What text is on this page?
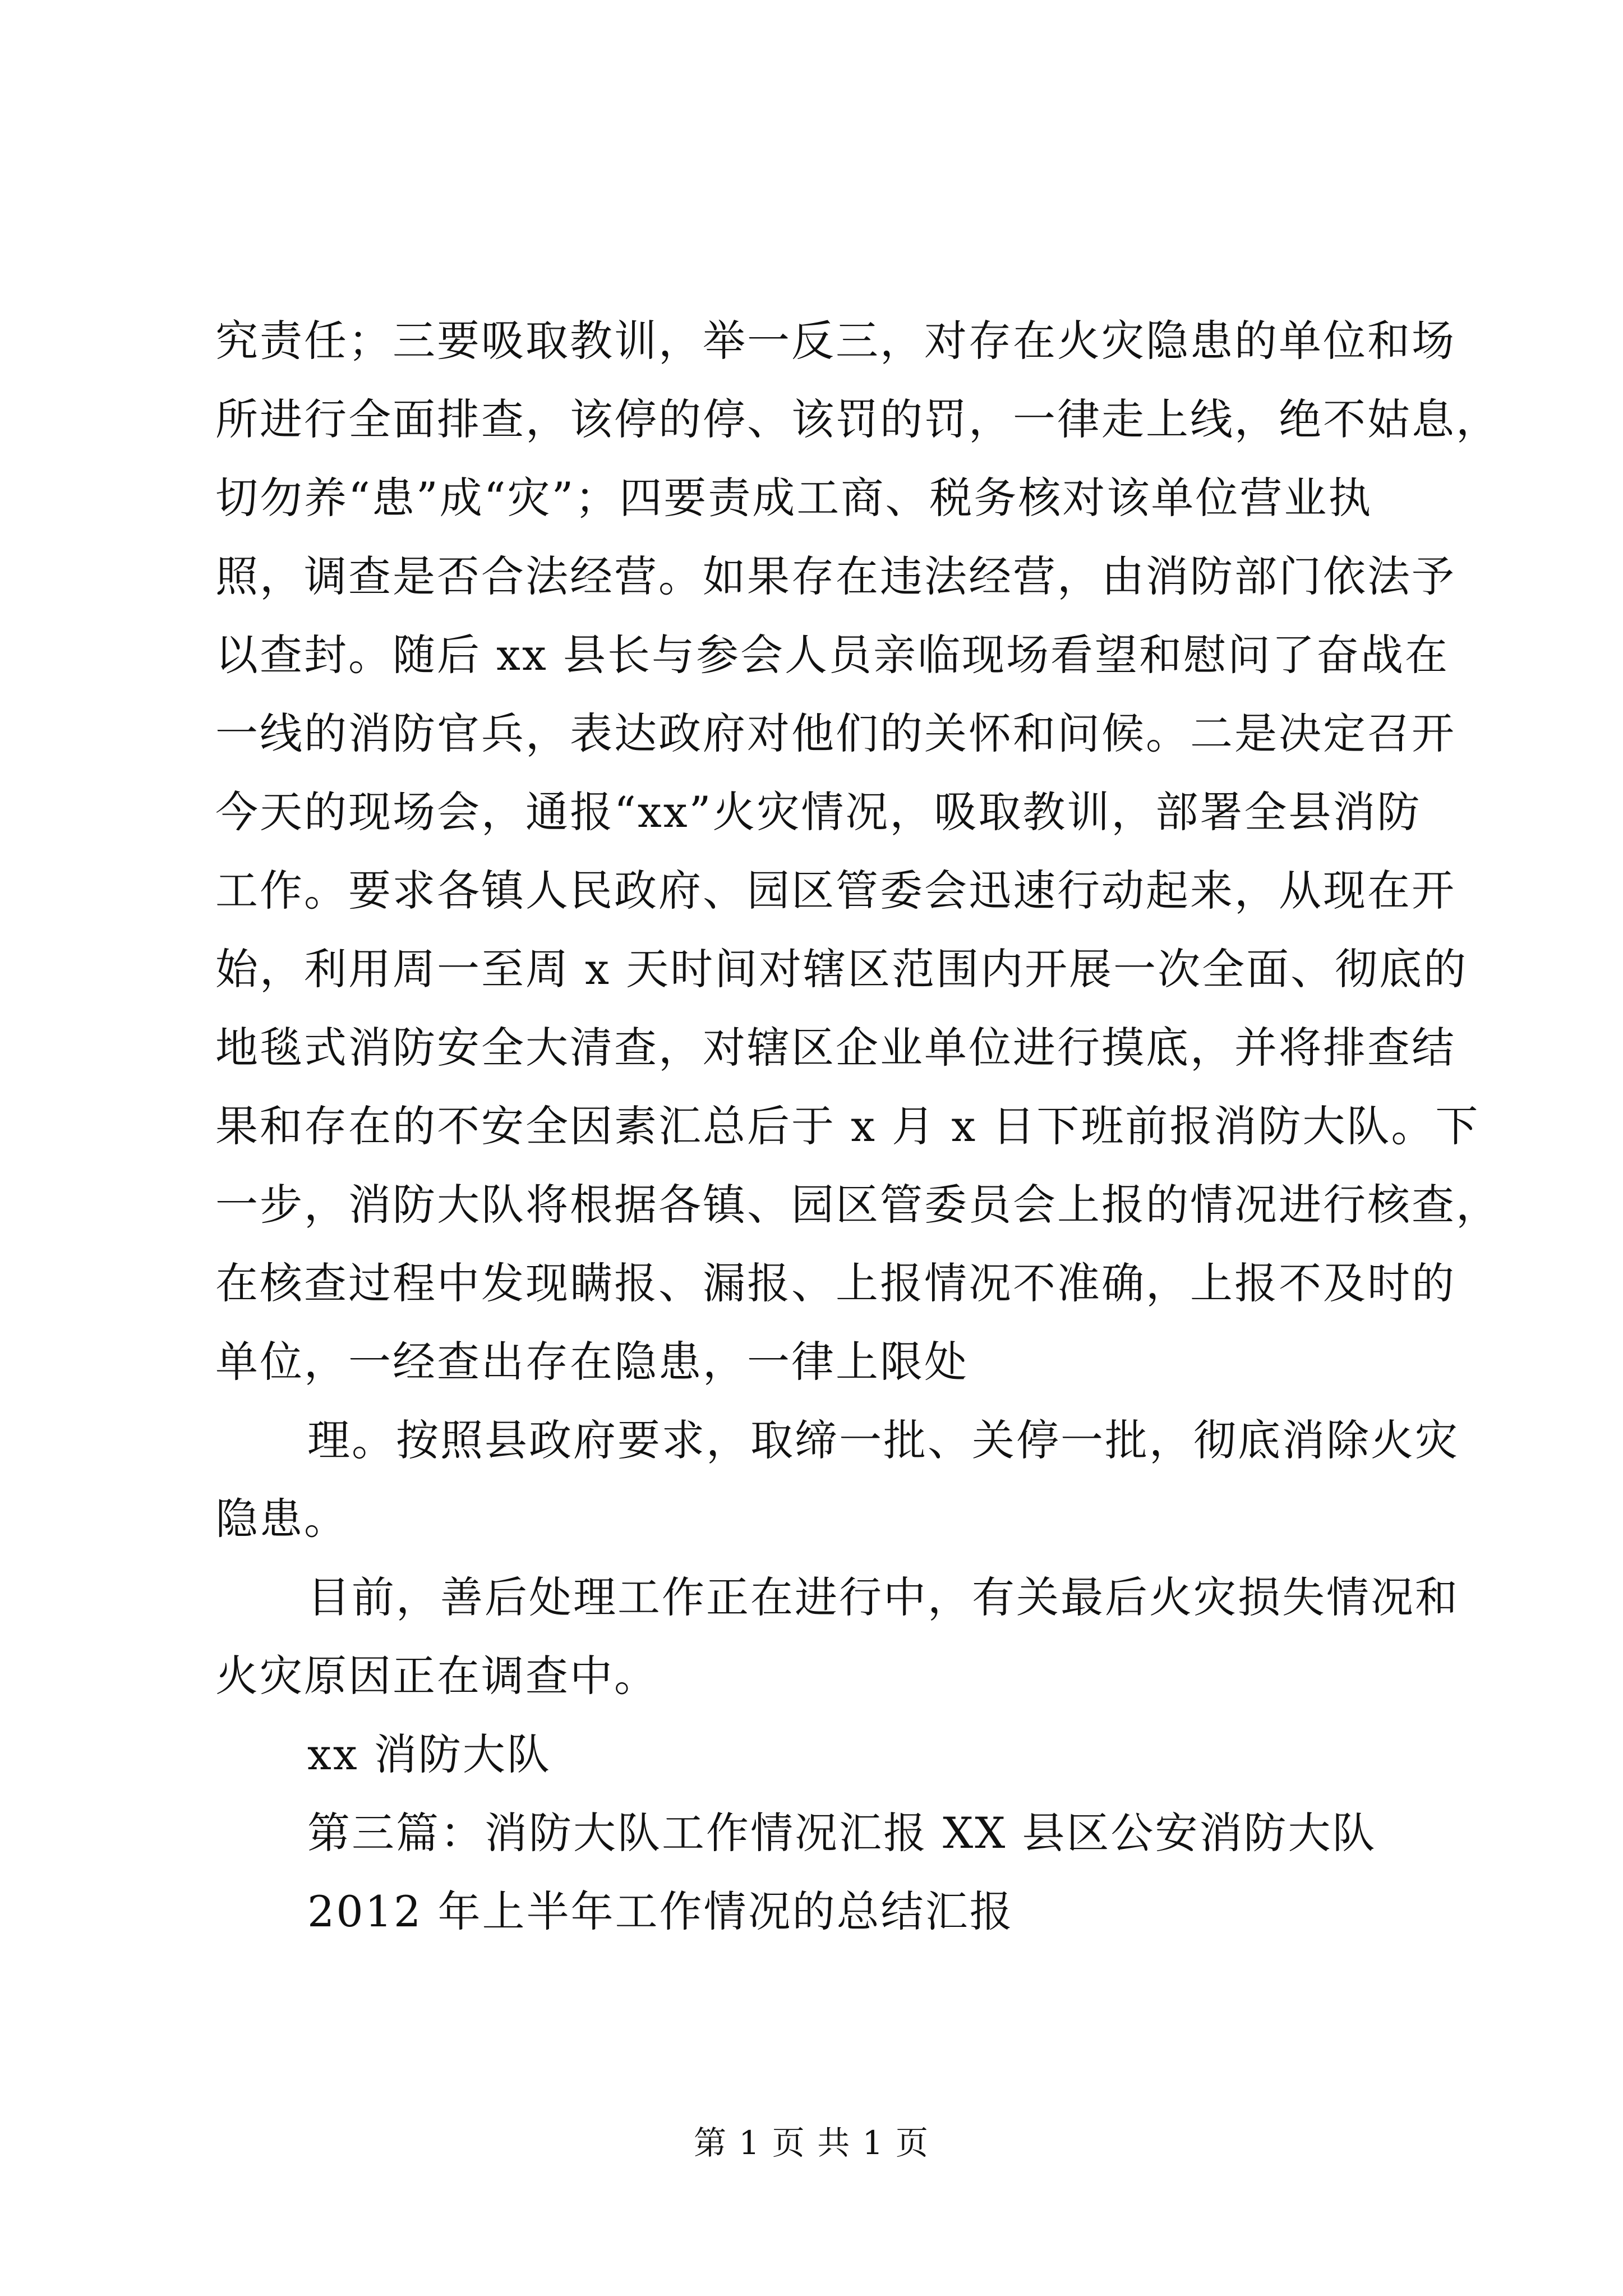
究责任；三要吸取教训，举一反三，对存在火灾隐患的单位和场
所进行全面排查，该停的停、该罚的罚，一律走上线，绝不姑息，
切勿养“患”成“灾”；四要责成工商、税务核对该单位营业执
照，调查是否合法经营。如果存在违法经营，由消防部门依法予
以查封。随后 xx 县长与参会人员亲临现场看望和慰问了奋战在
一线的消防官兵，表达政府对他们的关怀和问候。二是决定召开
今天的现场会，通报“xx”火灾情况，吸取教训，部署全县消防
工作。要求各镇人民政府、园区管委会迅速行动起来，从现在开
始，利用周一至周 x 天时间对辖区范围内开展一次全面、彻底的
地毯式消防安全大清查，对辖区企业单位进行摸底，并将排查结
果和存在的不安全因素汇总后于 x 月 x 日下班前报消防大队。下
一步，消防大队将根据各镇、园区管委员会上报的情况进行核查，
在核查过程中发现瞒报、漏报、上报情况不准确，上报不及时的
单位，一经查出存在隐患，一律上限处

理。按照县政府要求，取缔一批、关停一批，彻底消除火灾
隐患。

目前，善后处理工作正在进行中，有关最后火灾损失情况和
火灾原因正在调查中。

xx 消防大队

第三篇：消防大队工作情况汇报 XX 县区公安消防大队
2012 年上半年工作情况的总结汇报

第 1 页 共 1 页
